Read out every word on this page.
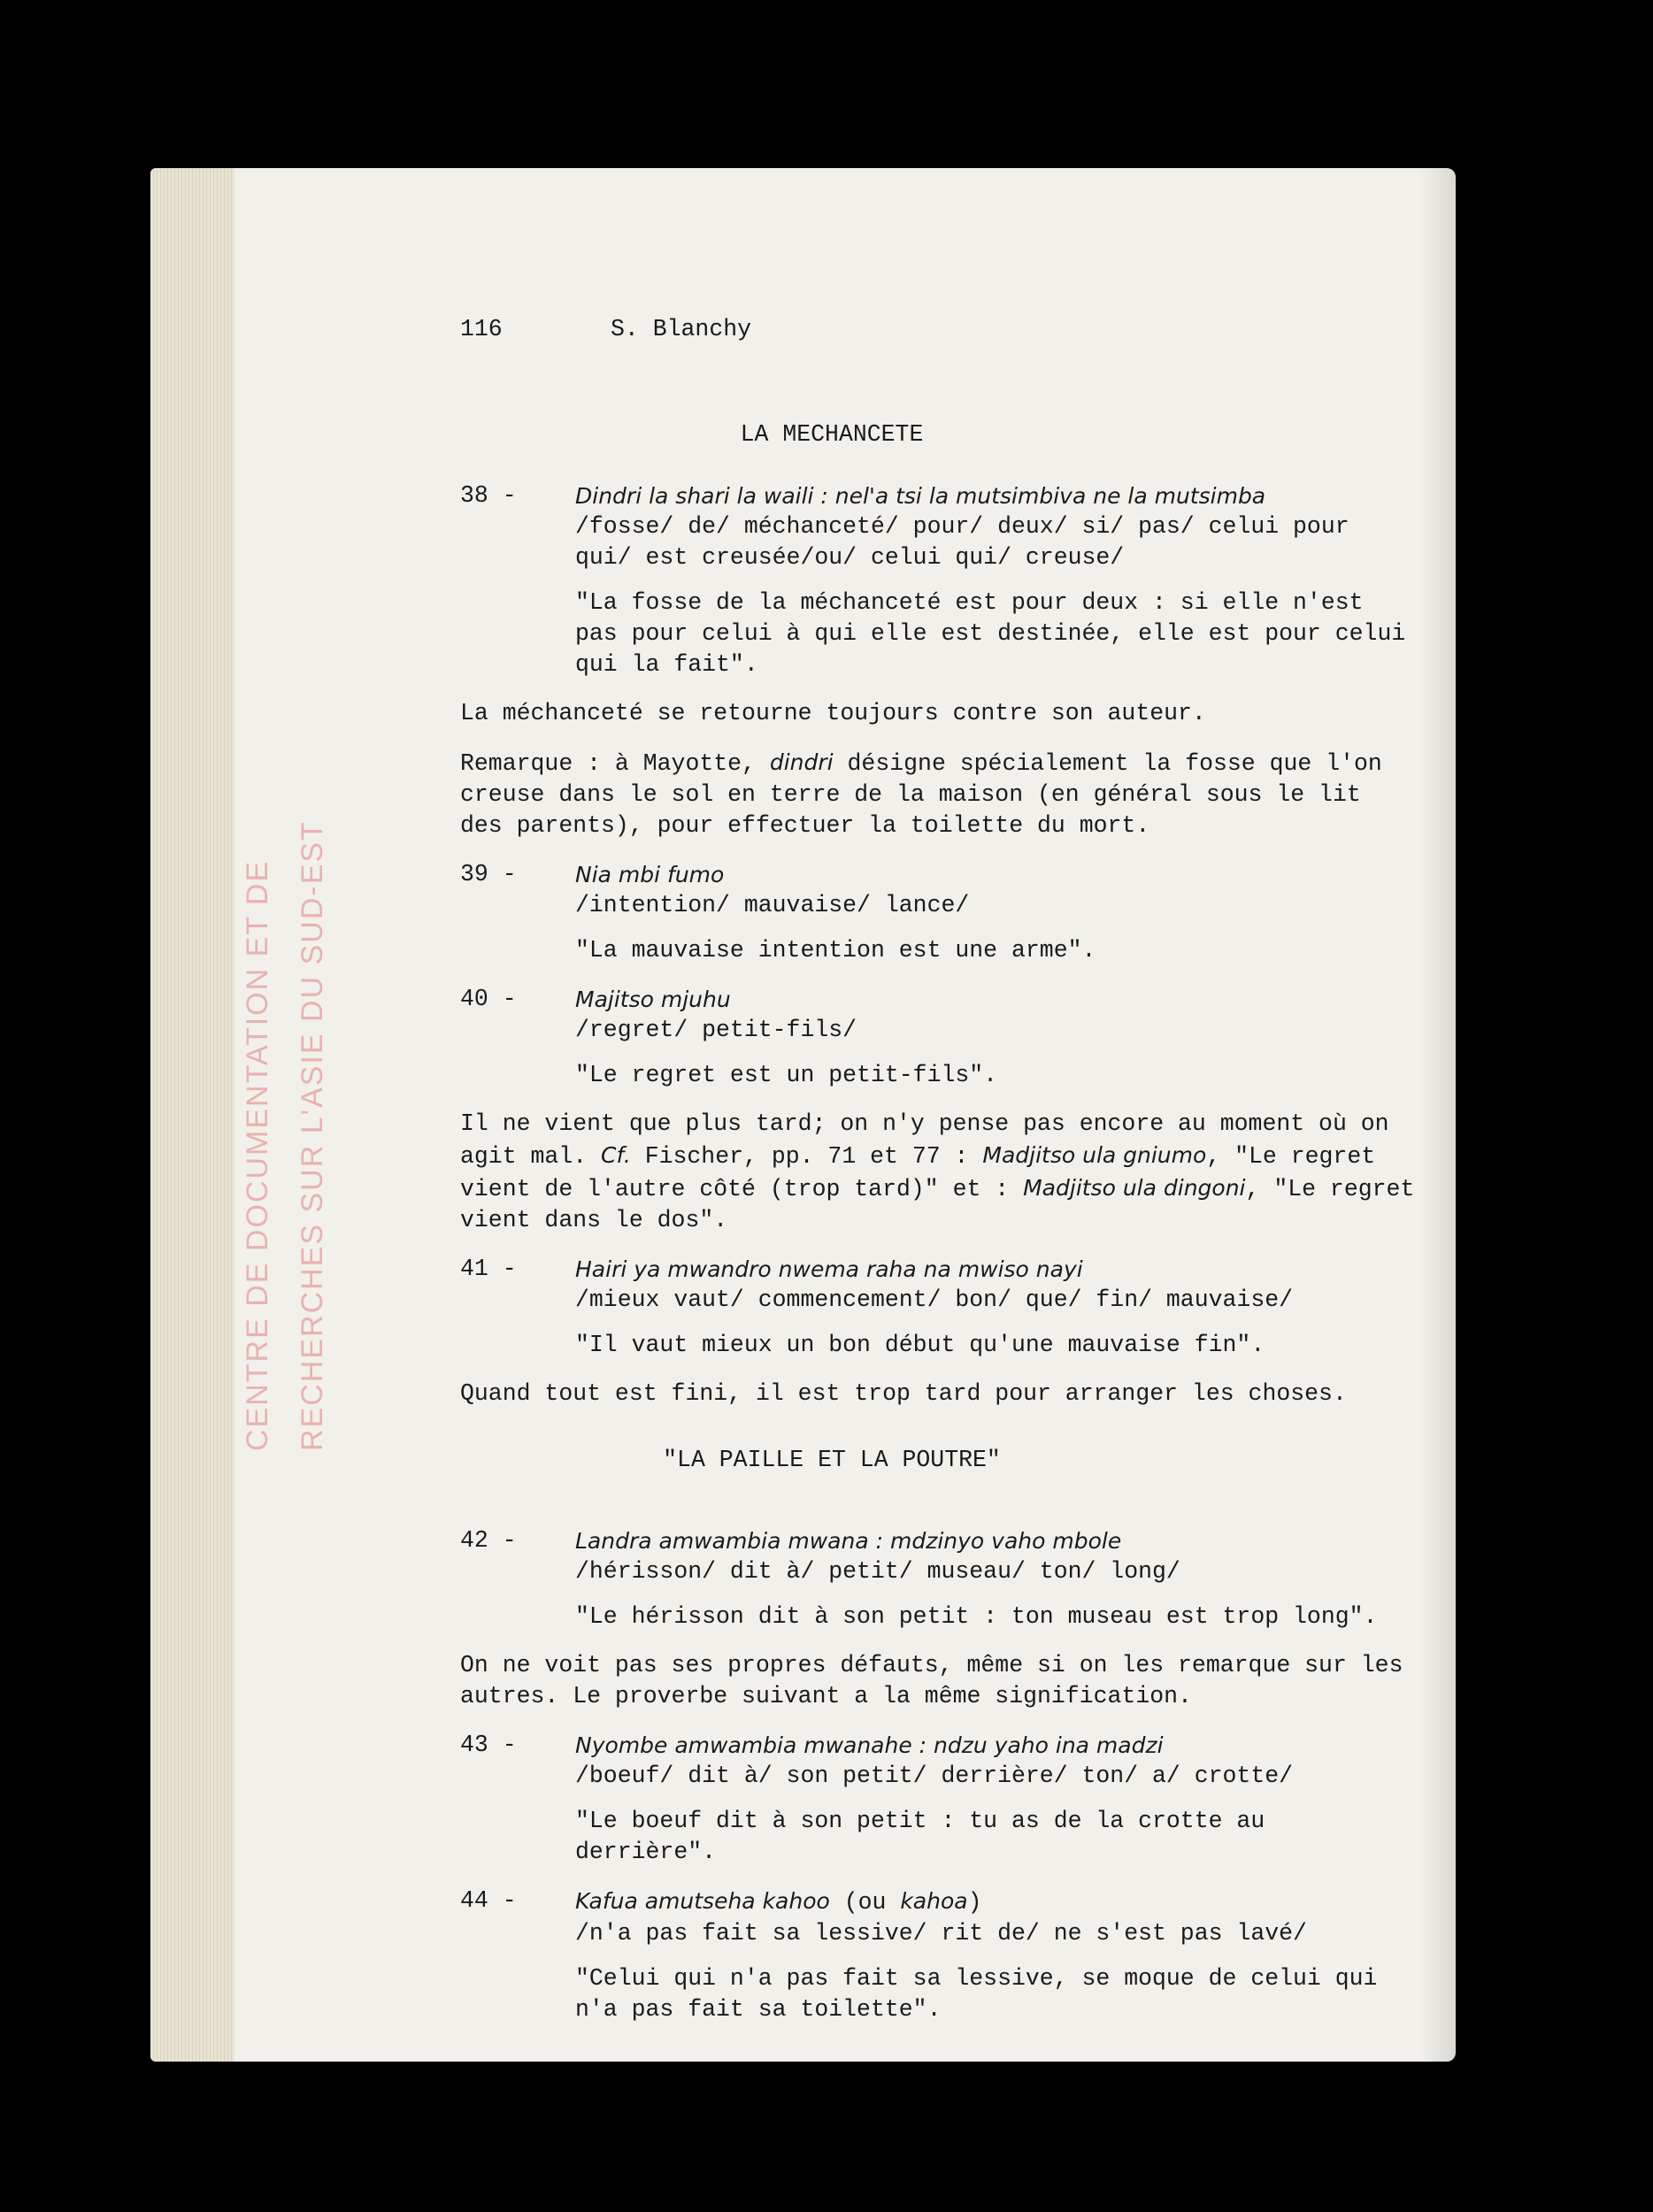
CENTRE DE DOCUMENTATION ET DE RECHERCHES SUR L'ASIE DU SUD-EST
116	S. Blanchy
LA MECHANCETE
38 -	Dindri la shari la waili : nel'a tsi la mutsimbiva ne la mutsimba
/fosse/ de/ méchanceté/ pour/ deux/ si/ pas/ celui pour qui/ est creusée/ou/ celui qui/ creuse/
"La fosse de la méchanceté est pour deux : si elle n'est pas pour celui à qui elle est destinée, elle est pour celui qui la fait".
La méchanceté se retourne toujours contre son auteur.
Remarque : à Mayotte, dindri désigne spécialement la fosse que l'on creuse dans le sol en terre de la maison (en général sous le lit des parents), pour effectuer la toilette du mort.
39 -	Nia mbi fumo
/intention/ mauvaise/ lance/
"La mauvaise intention est une arme".
40 -	Majitso mjuhu
/regret/ petit-fils/
"Le regret est un petit-fils".
Il ne vient que plus tard; on n'y pense pas encore au moment où on agit mal. Cf. Fischer, pp. 71 et 77 : Madjitso ula gniumo, "Le regret vient de l'autre côté (trop tard)" et : Madjitso ula dingoni, "Le regret vient dans le dos".
41 -	Hairi ya mwandro nwema raha na mwiso nayi
/mieux vaut/ commencement/ bon/ que/ fin/ mauvaise/
"Il vaut mieux un bon début qu'une mauvaise fin".
Quand tout est fini, il est trop tard pour arranger les choses.
"LA PAILLE ET LA POUTRE"
42 -	Landra amwambia mwana : mdzinyo vaho mbole
/hérisson/ dit à/ petit/ museau/ ton/ long/
"Le hérisson dit à son petit : ton museau est trop long".
On ne voit pas ses propres défauts, même si on les remarque sur les autres. Le proverbe suivant a la même signification.
43 -	Nyombe amwambia mwanahe : ndzu yaho ina madzi
/boeuf/ dit à/ son petit/ derrière/ ton/ a/ crotte/
"Le boeuf dit à son petit : tu as de la crotte au derrière".
44 -	Kafua amutseha kahoo (ou kahoa)
/n'a pas fait sa lessive/ rit de/ ne s'est pas lavé/
"Celui qui n'a pas fait sa lessive, se moque de celui qui n'a pas fait sa toilette".
